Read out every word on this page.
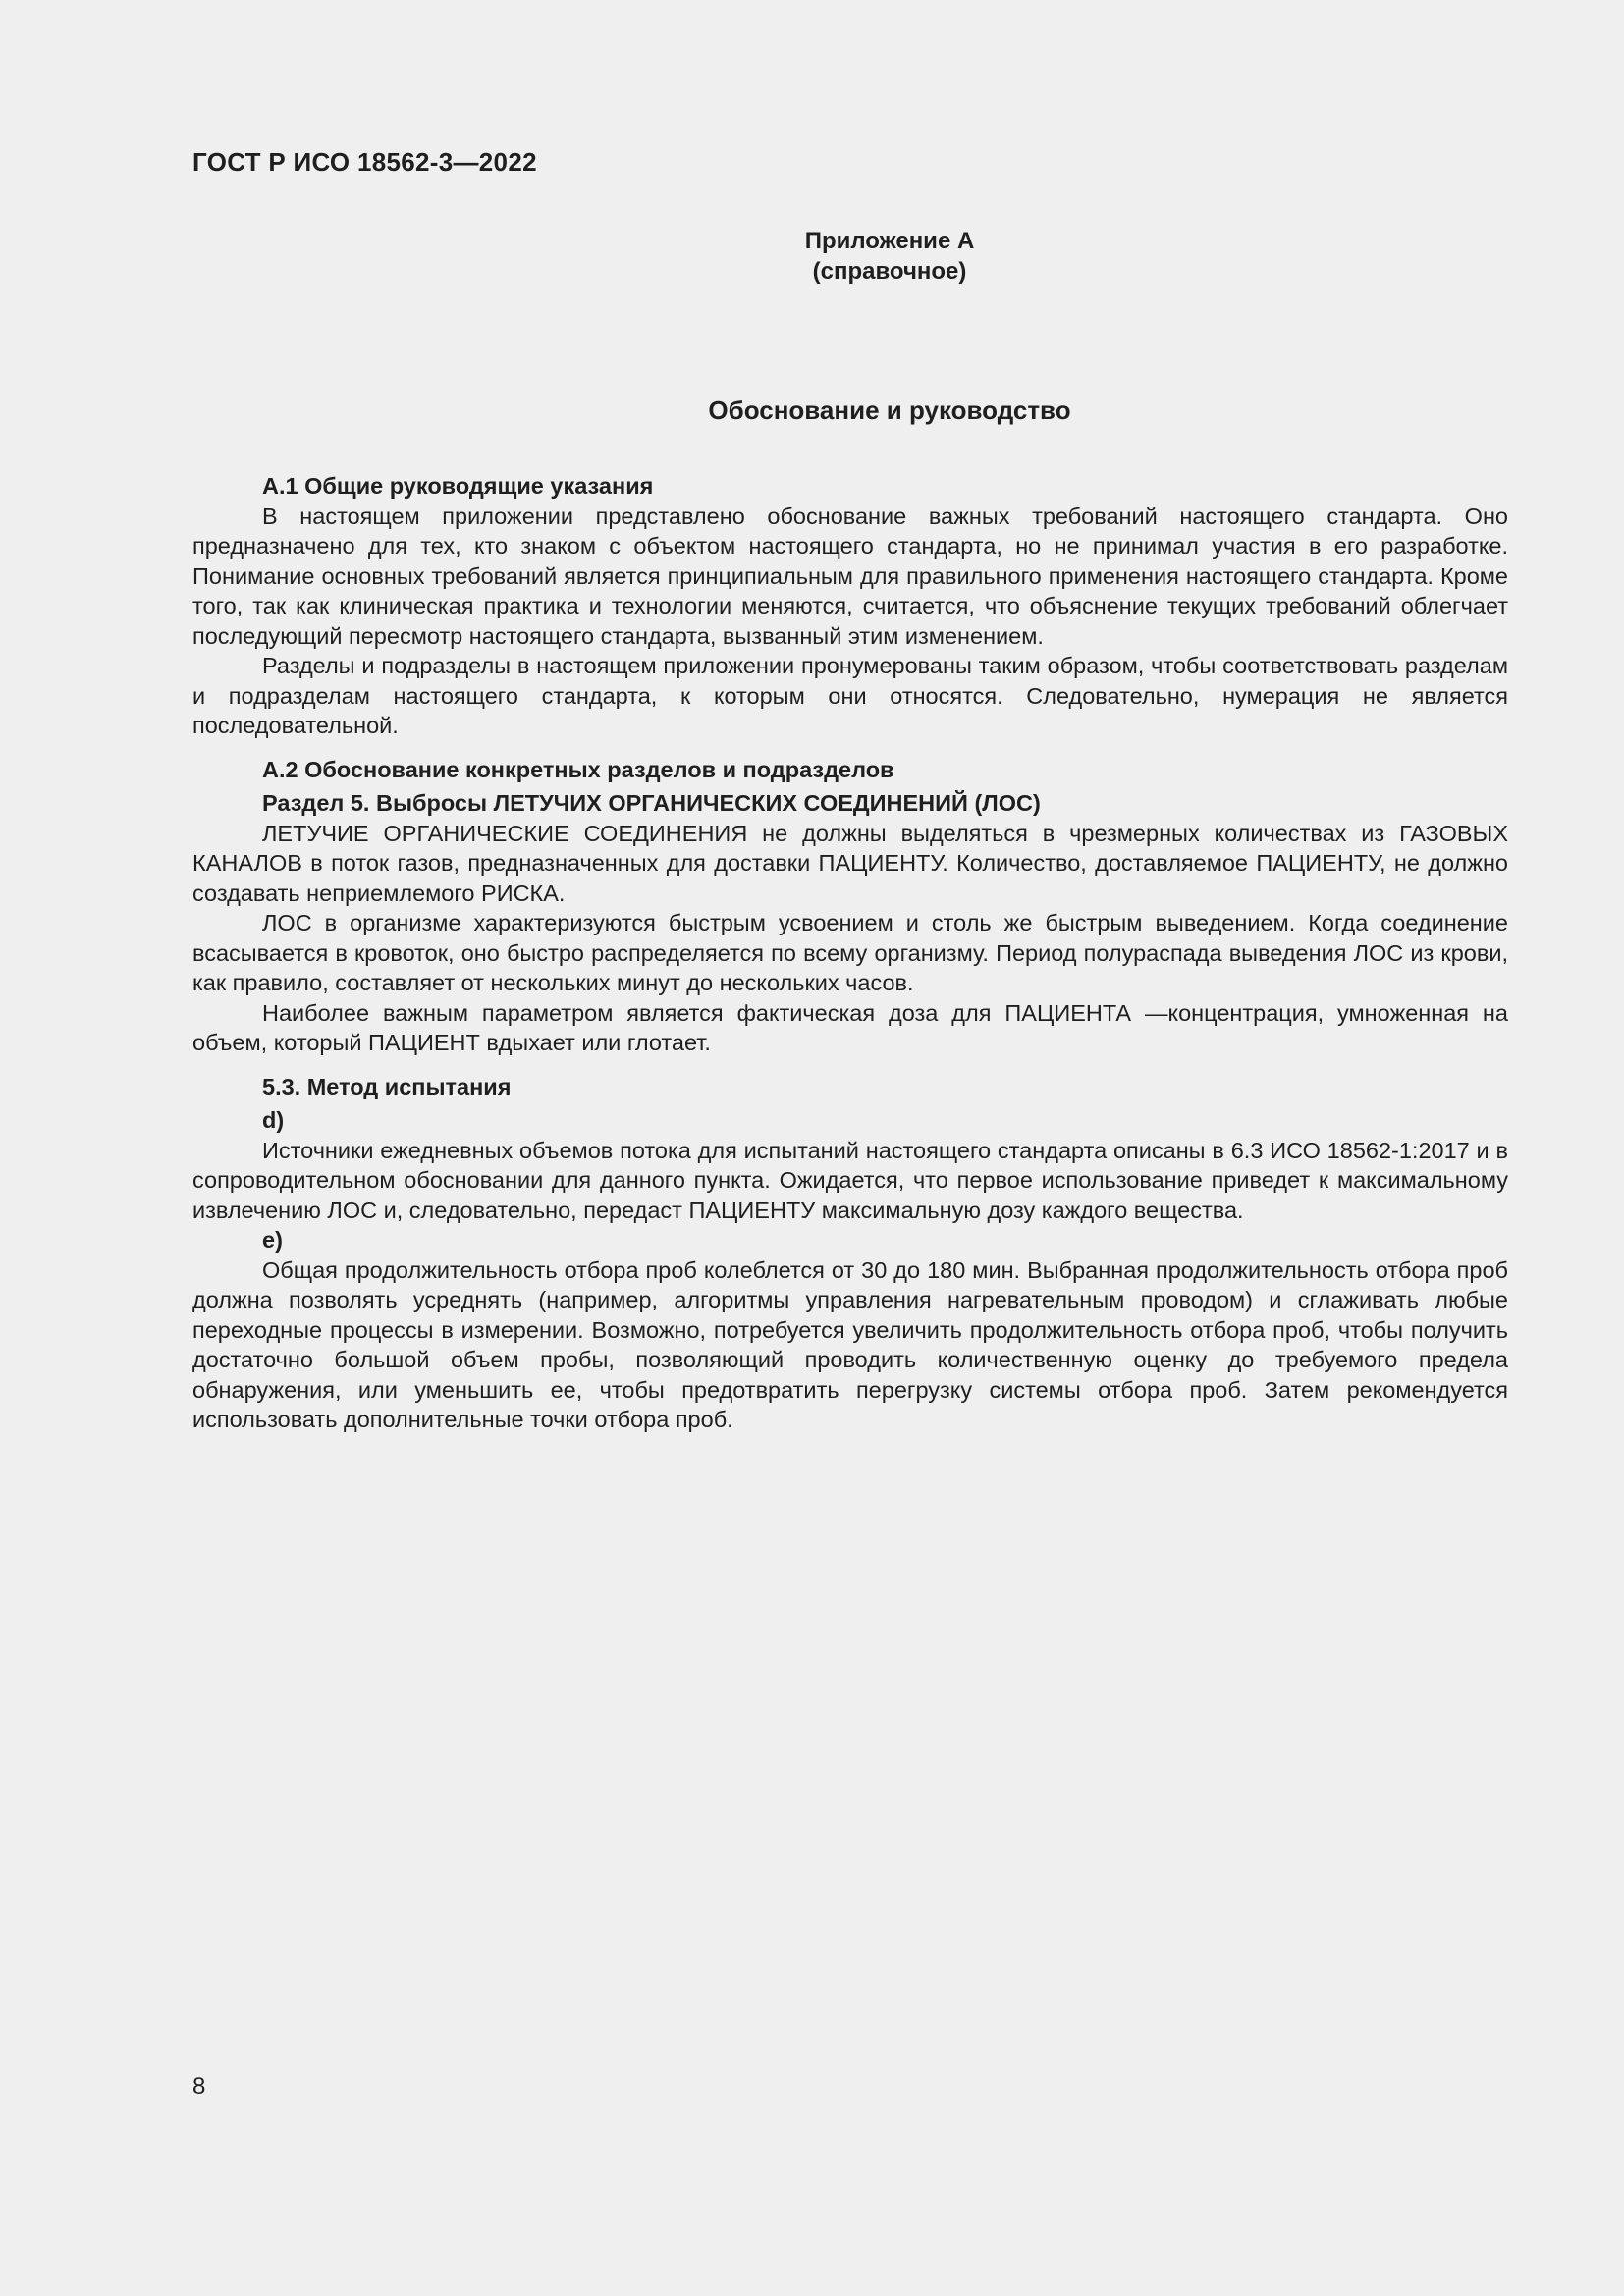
ГОСТ Р ИСО 18562-3—2022
Приложение А
(справочное)
Обоснование и руководство
А.1 Общие руководящие указания

В настоящем приложении представлено обоснование важных требований настоящего стандарта. Оно предназначено для тех, кто знаком с объектом настоящего стандарта, но не принимал участия в его разработке. Понимание основных требований является принципиальным для правильного применения настоящего стандарта. Кроме того, так как клиническая практика и технологии меняются, считается, что объяснение текущих требований облегчает последующий пересмотр настоящего стандарта, вызванный этим изменением.

Разделы и подразделы в настоящем приложении пронумерованы таким образом, чтобы соответствовать разделам и подразделам настоящего стандарта, к которым они относятся. Следовательно, нумерация не является последовательной.

А.2 Обоснование конкретных разделов и подразделов
Раздел 5. Выбросы ЛЕТУЧИХ ОРГАНИЧЕСКИХ СОЕДИНЕНИЙ (ЛОС)

ЛЕТУЧИЕ ОРГАНИЧЕСКИЕ СОЕДИНЕНИЯ не должны выделяться в чрезмерных количествах из ГАЗОВЫХ КАНАЛОВ в поток газов, предназначенных для доставки ПАЦИЕНТУ. Количество, доставляемое ПАЦИЕНТУ, не должно создавать неприемлемого РИСКА.

ЛОС в организме характеризуются быстрым усвоением и столь же быстрым выведением. Когда соединение всасывается в кровоток, оно быстро распределяется по всему организму. Период полураспада выведения ЛОС из крови, как правило, составляет от нескольких минут до нескольких часов.

Наиболее важным параметром является фактическая доза для ПАЦИЕНТА —концентрация, умноженная на объем, который ПАЦИЕНТ вдыхает или глотает.

5.3. Метод испытания
d)

Источники ежедневных объемов потока для испытаний настоящего стандарта описаны в 6.3 ИСО 18562-1:2017 и в сопроводительном обосновании для данного пункта. Ожидается, что первое использование приведет к максимальному извлечению ЛОС и, следовательно, передаст ПАЦИЕНТУ максимальную дозу каждого вещества.

e)

Общая продолжительность отбора проб колеблется от 30 до 180 мин. Выбранная продолжительность отбора проб должна позволять усреднять (например, алгоритмы управления нагревательным проводом) и сглаживать любые переходные процессы в измерении. Возможно, потребуется увеличить продолжительность отбора проб, чтобы получить достаточно большой объем пробы, позволяющий проводить количественную оценку до требуемого предела обнаружения, или уменьшить ее, чтобы предотвратить перегрузку системы отбора проб. Затем рекомендуется использовать дополнительные точки отбора проб.

8
